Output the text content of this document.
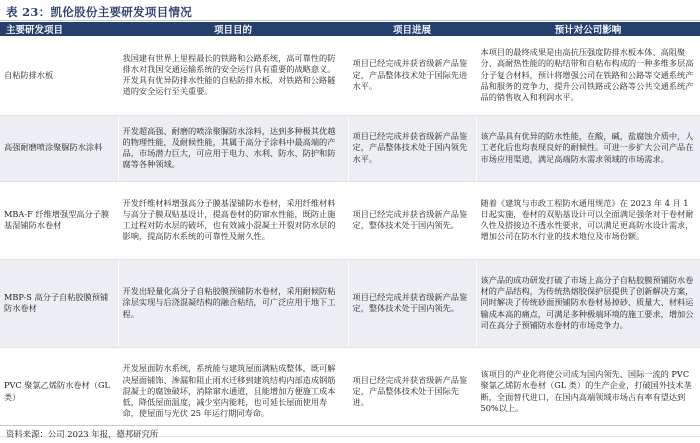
表 23：凯伦股份主要研发项目情况
主要研发项目	项目目的	项目进展	预计对公司影响
自粘防排水板	我国建有世界上里程最长的铁路和公路系统，高可靠性的防排水对我国交通运输系统的安全运行具有重要的战略意义。开发具有优异防排水性能的自粘防排水板，对铁路和公路隧道的安全运行至关重要。	项目已经完成并获省级新产品鉴定，产品整体技术处于国际先进水平。	本项目的最终成果是由高抗压强度防排水板本体、高阻聚分、高耐热性能的的粘结带和自粘布构成的一种多维多层高分子复合材料，预计将增强公司在铁路和公路等交通系统产品和服务的竞争力，提升公司铁路或公路等公共交通系统产品的销售收入和利润水平。
高强耐磨喷涂聚脲防水涂料	开发超高强、耐磨的喷涂聚脲防水涂料，达到多种极其优越的物理性能，及耐候性能，其属于高分子涂料中最高端的产品，市场潜力巨大，可应用于电力、水利、防水、防护和防腐等各种领域。	项目已经完成并获省级新产品鉴定，产品整体技术处于国内领先水平。	该产品具有优异的防水性能，在酸，碱，盐腐蚀介质中，人工老化后也均表现良好的耐候性。可进一步扩大公司产品在市场应用渠道，满足高端防水需求领域的市场需求。
MBA-F 纤维增强型高分子膜基湿铺防水卷材	开发纤维材料增强高分子膜基湿铺防水卷材，采用纤维材料与高分子膜双贴基设计，提高卷材的防窜水性能，既防止施工过程对防水层的破坏，也有效减小混凝土开裂对防水层的影响，提高防水系统的可靠性及耐久性。	项目已经完成并获省级新产品鉴定，整体技术处于国内领先。	随着《建筑与市政工程防水通用规范》在 2023 年 4 月 1 日起实施，卷材的双贴基设计可以全面满足强条对于卷材耐久性及搭接边不透水性要求，可以满足更高防水设计需求，增加公司在防水行业的技术地位及市场份额。
MBP-S 高分子自粘胶膜预铺防水卷材	开发出轻量化高分子自粘胶膜预铺防水卷材，采用耐候防粘涂层实现与后浇混凝结构的融合粘结，可广泛应用于地下工程。	项目已经完成并获省级新产品鉴定，整体技术处于国内领先。	该产品的成功研发打破了市场上高分子自粘胶膜预铺防水卷材的产品结构，为传统热熔胶保护层提供了创新解决方案，同时解决了传统砂面预铺防水卷材易掉砂、质量大、材料运输成本高的痛点，可满足多种极端环境的施工要求，增加公司在高分子预铺防水卷材的市场竞争力。
PVC 聚氯乙烯防水卷材（GL 类）	开发屋面防水系统，系统能与建筑屋面满粘成整体，既可解决屋面铺饰、渗漏和阻止雨水迁移到建筑结构内部造成钢筋混凝土的腐蚀破坏，消除窜水通道，且能增加方便施工成本低，降低屋面温度，减少室内能耗，也可延长屋面使用寿命，使屋面与光伏 25 年运行期同寿命。	项目已经完成并获省级新产品鉴定，产品整体技术处于国际先进。	该项目的产业化将使公司成为国内领先、国际一流的 PVC 聚氯乙烯防水卷材（GL 类）的生产企业，打破国外技术垄断，全面替代进口，在国内高端领域市场占有率有望达到 50%以上。
资料来源：公司 2023 年报，德邦研究所
